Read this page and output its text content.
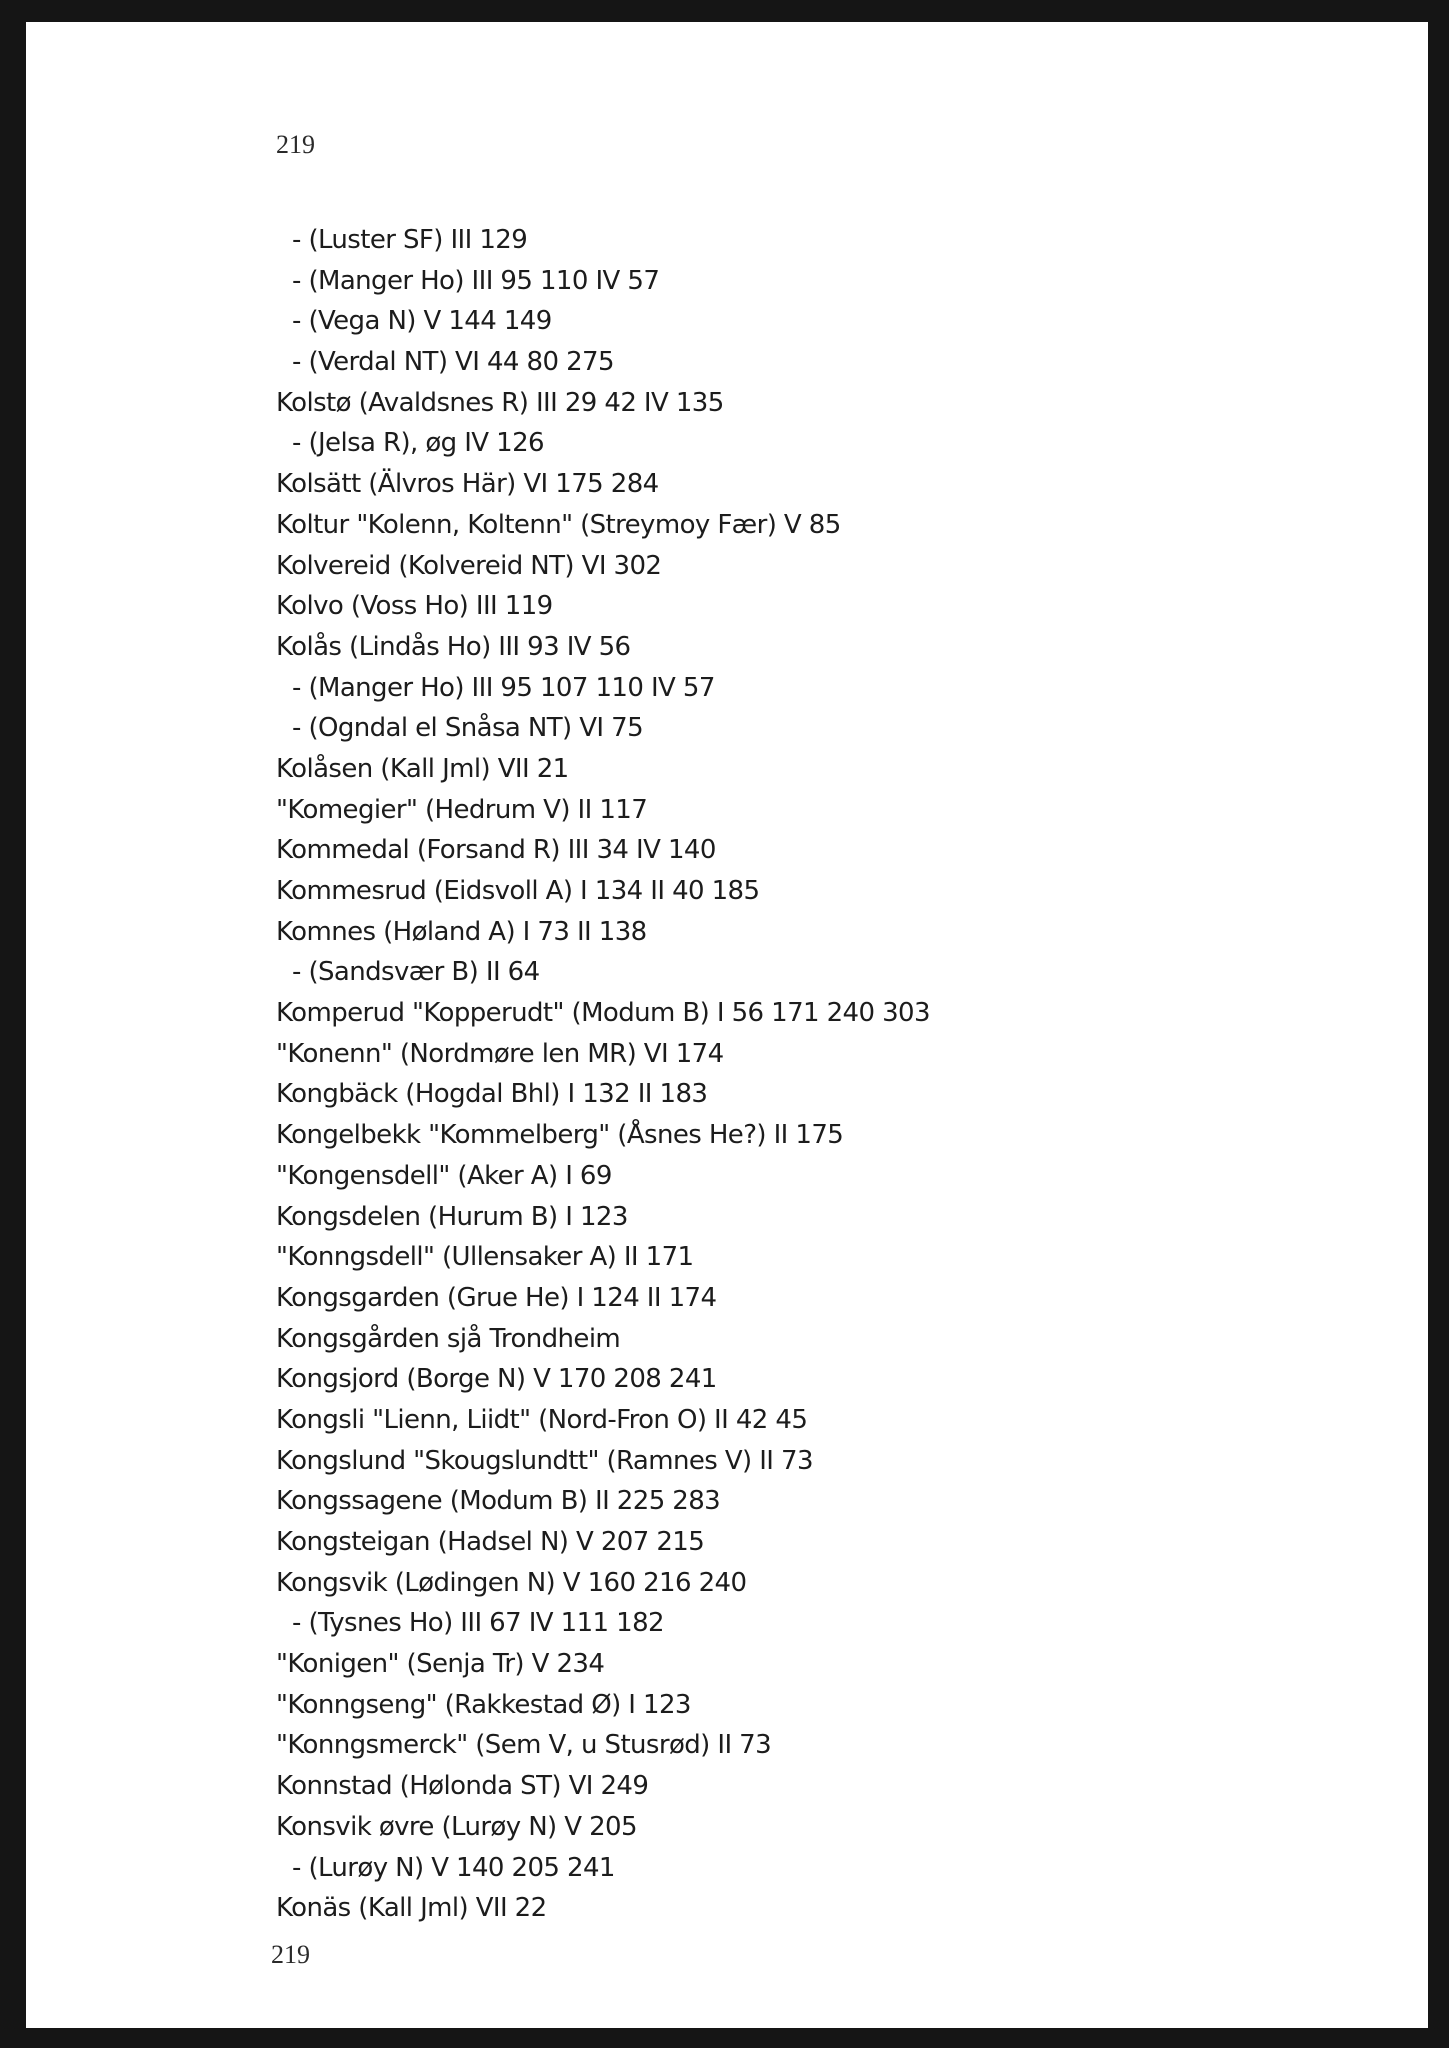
219
- (Luster SF) III 129
- (Manger Ho) III 95 110 IV 57
- (Vega N) V 144 149
- (Verdal NT) VI 44 80 275
Kolstø (Avaldsnes R) III 29 42 IV 135
- (Jelsa R), øg IV 126
Kolsätt (Älvros Här) VI 175 284
Koltur "Kolenn, Koltenn" (Streymoy Fær) V 85
Kolvereid (Kolvereid NT) VI 302
Kolvo (Voss Ho) III 119
Kolås (Lindås Ho) III 93 IV 56
- (Manger Ho) III 95 107 110 IV 57
- (Ogndal el Snåsa NT) VI 75
Kolåsen (Kall Jml) VII 21
"Komegier" (Hedrum V) II 117
Kommedal (Forsand R) III 34 IV 140
Kommesrud (Eidsvoll A) I 134 II 40 185
Komnes (Høland A) I 73 II 138
- (Sandsvær B) II 64
Komperud "Kopperudt" (Modum B) I 56 171 240 303
"Konenn" (Nordmøre len MR) VI 174
Kongbäck (Hogdal Bhl) I 132 II 183
Kongelbekk "Kommelberg" (Åsnes He?) II 175
"Kongensdell" (Aker A) I 69
Kongsdelen (Hurum B) I 123
"Konngsdell" (Ullensaker A) II 171
Kongsgarden (Grue He) I 124 II 174
Kongsgården sjå Trondheim
Kongsjord (Borge N) V 170 208 241
Kongsli "Lienn, Liidt" (Nord-Fron O) II 42 45
Kongslund "Skougslundtt" (Ramnes V) II 73
Kongssagene (Modum B) II 225 283
Kongsteigan (Hadsel N) V 207 215
Kongsvik (Lødingen N) V 160 216 240
- (Tysnes Ho) III 67 IV 111 182
"Konigen" (Senja Tr) V 234
"Konngseng" (Rakkestad Ø) I 123
"Konngsmerck" (Sem V, u Stusrød) II 73
Konnstad (Hølonda ST) VI 249
Konsvik øvre (Lurøy N) V 205
- (Lurøy N) V 140 205 241
Konäs (Kall Jml) VII 22
219
